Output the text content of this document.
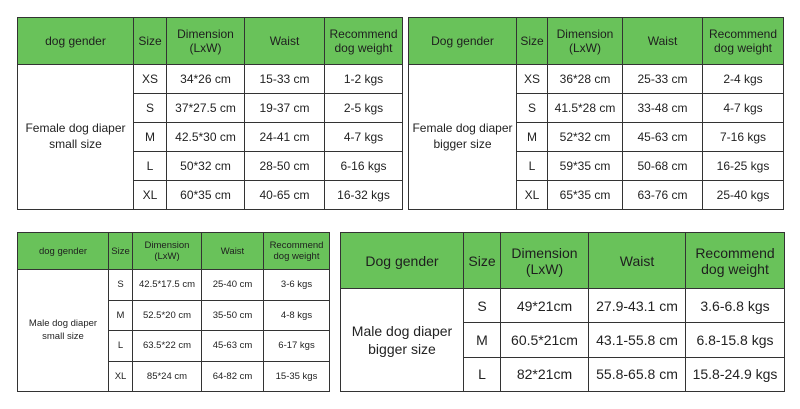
dog gender	Size	Dimension (LxW)	Waist	Recommend dog weight
Female dog diaper small size	XS	34*26 cm	15-33 cm	1-2 kgs
	S	37*27.5 cm	19-37 cm	2-5 kgs
	M	42.5*30 cm	24-41 cm	4-7 kgs
	L	50*32 cm	28-50 cm	6-16 kgs
	XL	60*35 cm	40-65 cm	16-32 kgs
Dog gender	Size	Dimension (LxW)	Waist	Recommend dog weight
Female dog diaper bigger size	XS	36*28 cm	25-33 cm	2-4 kgs
	S	41.5*28 cm	33-48 cm	4-7 kgs
	M	52*32 cm	45-63 cm	7-16 kgs
	L	59*35 cm	50-68 cm	16-25 kgs
	XL	65*35 cm	63-76 cm	25-40 kgs
dog gender	Size	Dimension (LxW)	Waist	Recommend dog weight
Male dog diaper small size	S	42.5*17.5 cm	25-40 cm	3-6 kgs
	M	52.5*20 cm	35-50 cm	4-8 kgs
	L	63.5*22 cm	45-63 cm	6-17 kgs
	XL	85*24 cm	64-82 cm	15-35 kgs
Dog gender	Size	Dimension (LxW)	Waist	Recommend dog weight
Male dog diaper bigger size	S	49*21cm	27.9-43.1 cm	3.6-6.8 kgs
	M	60.5*21cm	43.1-55.8 cm	6.8-15.8 kgs
	L	82*21cm	55.8-65.8 cm	15.8-24.9 kgs
